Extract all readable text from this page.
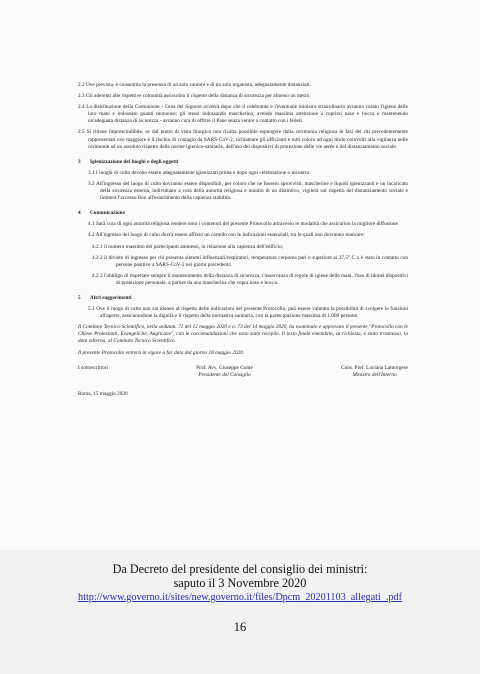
2.2 Ove prevista, è consentita la presenza di un solo cantore e di un solo organista, adeguatamente distanziati.

2.3 Gli aderenti alle rispettive comunità assicurino il rispetto della distanza di sicurezza per almeno un metro.

2.4 La distribuzione della Comunione - Cena del Signore avverrà dopo che il celebrante e l'eventuale ministro straordinario avranno curato l'igiene delle loro mani e indossato guanti monouso; gli stessi indossando mascherina, avendo massima attenzione a coprirsi naso e bocca e mantenendo un'adeguata distanza di sicurezza - avranno cura di offrire il Pane senza venire a contatto con i fedeli.

2.5 Si ritiene imprescindibile, se dal punto di vista liturgico non risulta possibile espungere dalla cerimonia religiosa le fasi dei riti precedentemente rappresentati ove maggiore è il rischio di contagio da SARS-CoV-2, richiamare gli officianti e tutti coloro ad ogni titolo coinvolti alla vigilanza nelle cerimonie ad un assoluto rispetto delle norme igienico-sanitarie, dell'uso dei dispositivi di protezione delle vie aeree e del distanziamento sociale.

3 Igienizzazione dei luoghi e degli oggetti

3.1 I luoghi di culto devono essere adeguatamente igienizzati prima e dopo ogni celebrazione o incontro.

3.2 All'ingresso del luogo di culto dovranno essere disponibili, per coloro che ne fossero sprovvisti, mascherine e liquidi igienizzanti e un incaricato della sicurezza esterna, individuato a cura della autorità religiosa e munito di un distintivo, vigilerà sul rispetto del distanziamento sociale e limiterà l'accesso fino all'esaurimento della capienza stabilita.

4 Comunicazione

4.1 Sarà cura di ogni autorità religiosa rendere noto i contenuti del presente Protocollo attraverso le modalità che assicurino la migliore diffusione.

4.2 All'ingresso del luogo di culto dovrà essere affisso un cartello con le indicazioni essenziali, tra le quali non dovranno mancare:

4.2.1 il numero massimo dei partecipanti ammessi, in relazione alla capienza dell'edificio;

4.2.2 il divieto di ingresso per chi presenta sintomi influenzali/respiratori, temperatura corporea pari o superiore ai 37,5° C o è stato in contatto con persone positive a SARS-CoV-2 nei giorni precedenti;

4.2.3 l'obbligo di rispettare sempre il mantenimento della distanza di sicurezza, l'osservanza di regole di igiene delle mani, l'uso di idonei dispositivi di protezione personale, a partire da una mascherina che copra naso e bocca.

5 Altri suggerimenti

5.1 Ove il luogo di culto non sia idoneo al rispetto delle indicazioni del presente Protocollo, può essere valutata la possibilità di svolgere le funzioni all'aperto, assicurandone la dignità e il rispetto della normativa sanitaria, con la partecipazione massima di 1.000 persone.

Il Comitato Tecnico-Scientifico, nella sedutan. 71 del 12 maggio 2020 e n. 73 del 14 maggio 2020, ha esaminato e approvato il presente "Protocollo con le Chiese Protestanti, Evangeliche, Anglicane", con le raccomandazioni che sono state recepite. Il testo finale emendato, su richiesta, è stato trasmesso, in data odierna, al Comitato Tecnico Scientifico.

Il presente Protocollo entrerà in vigore a far data dal giorno 18 maggio 2020.

I sottoscrittori	Prof. Avv. Giuseppe Conte
Presidente del Consiglio
Cons. Pref. Luciana Lamorgese
Ministro dell'Interno
Roma, 15 maggio 2020
Da Decreto del presidente del consiglio dei ministri:
saputo il 3 Novembre 2020
http://www.governo.it/sites/new.governo.it/files/Dpcm_20201103_allegati_.pdf
16
